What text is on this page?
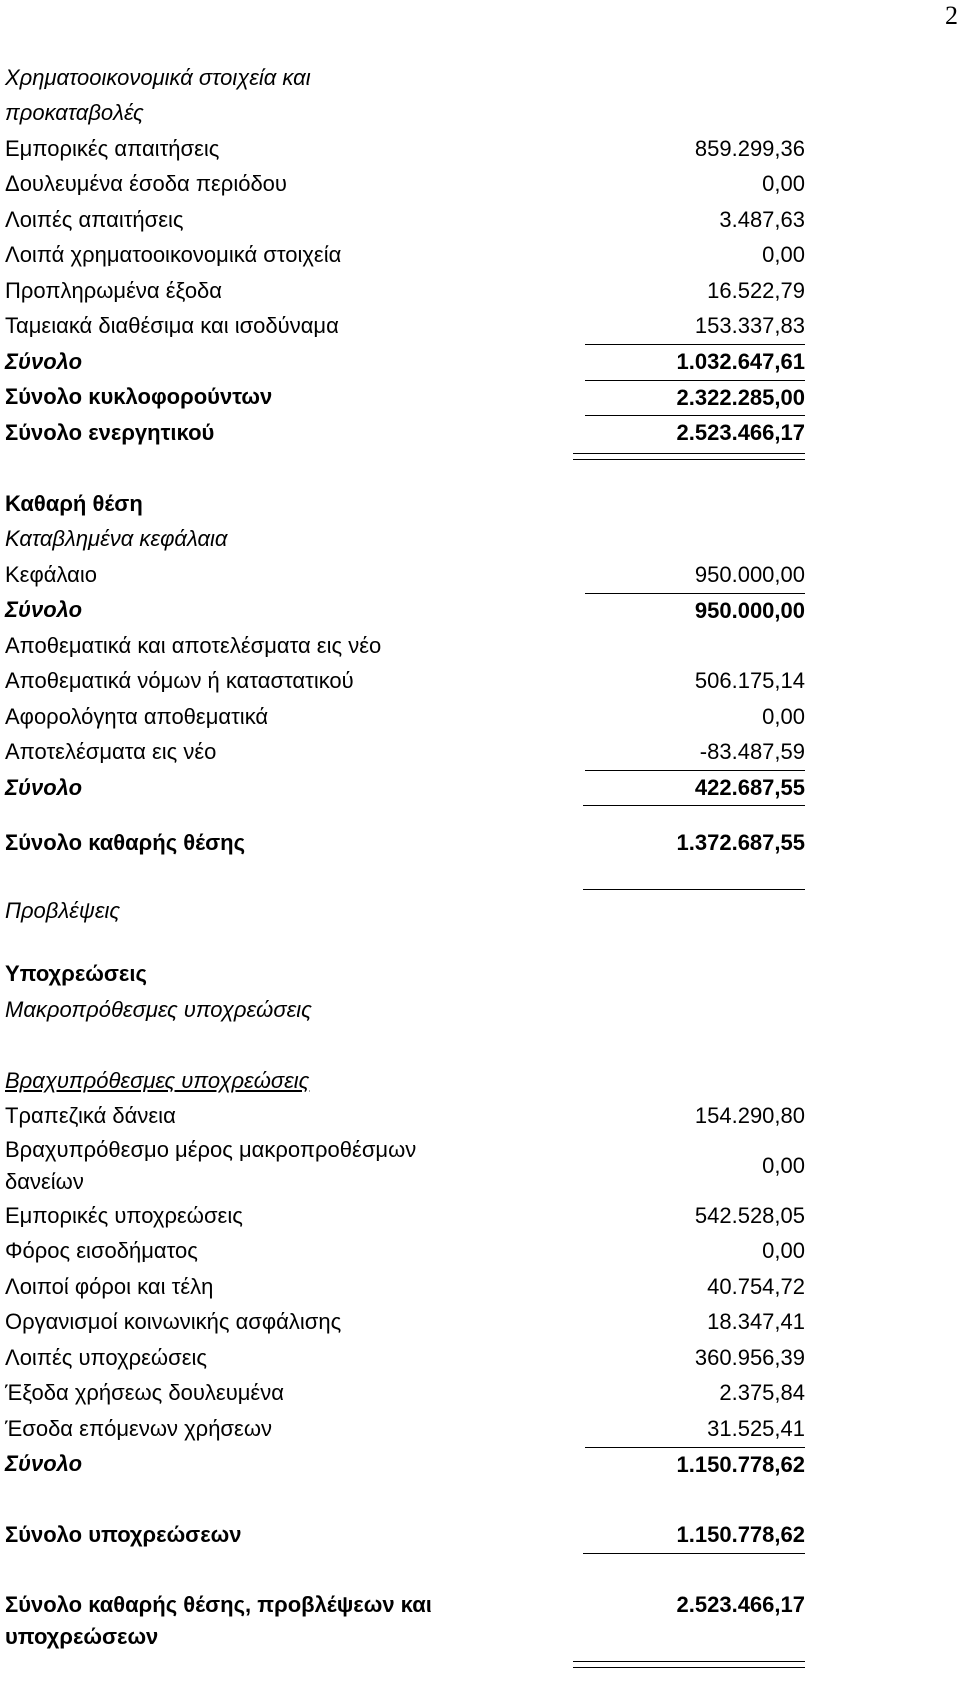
2
Χρηματοοικονομικά στοιχεία και
προκαταβολές
Εμπορικές απαιτήσεις	859.299,36
Δουλευμένα έσοδα περιόδου	0,00
Λοιπές απαιτήσεις	3.487,63
Λοιπά χρηματοοικονομικά στοιχεία	0,00
Προπληρωμένα έξοδα	16.522,79
Ταμειακά διαθέσιμα και ισοδύναμα	153.337,83
Σύνολο	1.032.647,61
Σύνολο κυκλοφορούντων	2.322.285,00
Σύνολο ενεργητικού	2.523.466,17
Καθαρή θέση
Καταβλημένα κεφάλαια
Κεφάλαιο	950.000,00
Σύνολο	950.000,00
Αποθεματικά και αποτελέσματα εις νέο
Αποθεματικά νόμων ή καταστατικού	506.175,14
Αφορολόγητα αποθεματικά	0,00
Αποτελέσματα εις νέο	-83.487,59
Σύνολο	422.687,55
Σύνολο καθαρής θέσης	1.372.687,55
Προβλέψεις
Υποχρεώσεις
Μακροπρόθεσμες υποχρεώσεις
Βραχυπρόθεσμες υποχρεώσεις
Τραπεζικά δάνεια	154.290,80
Βραχυπρόθεσμο μέρος μακροπροθέσμων
δανείων
0,00
Εμπορικές υποχρεώσεις	542.528,05
Φόρος εισοδήματος	0,00
Λοιποί φόροι και τέλη	40.754,72
Οργανισμοί κοινωνικής ασφάλισης	18.347,41
Λοιπές υποχρεώσεις	360.956,39
Έξοδα χρήσεως δουλευμένα	2.375,84
Έσοδα επόμενων χρήσεων	31.525,41
Σύνολο	1.150.778,62
Σύνολο υποχρεώσεων	1.150.778,62
Σύνολο καθαρής θέσης, προβλέψεων και
υποχρεώσεων
2.523.466,17
